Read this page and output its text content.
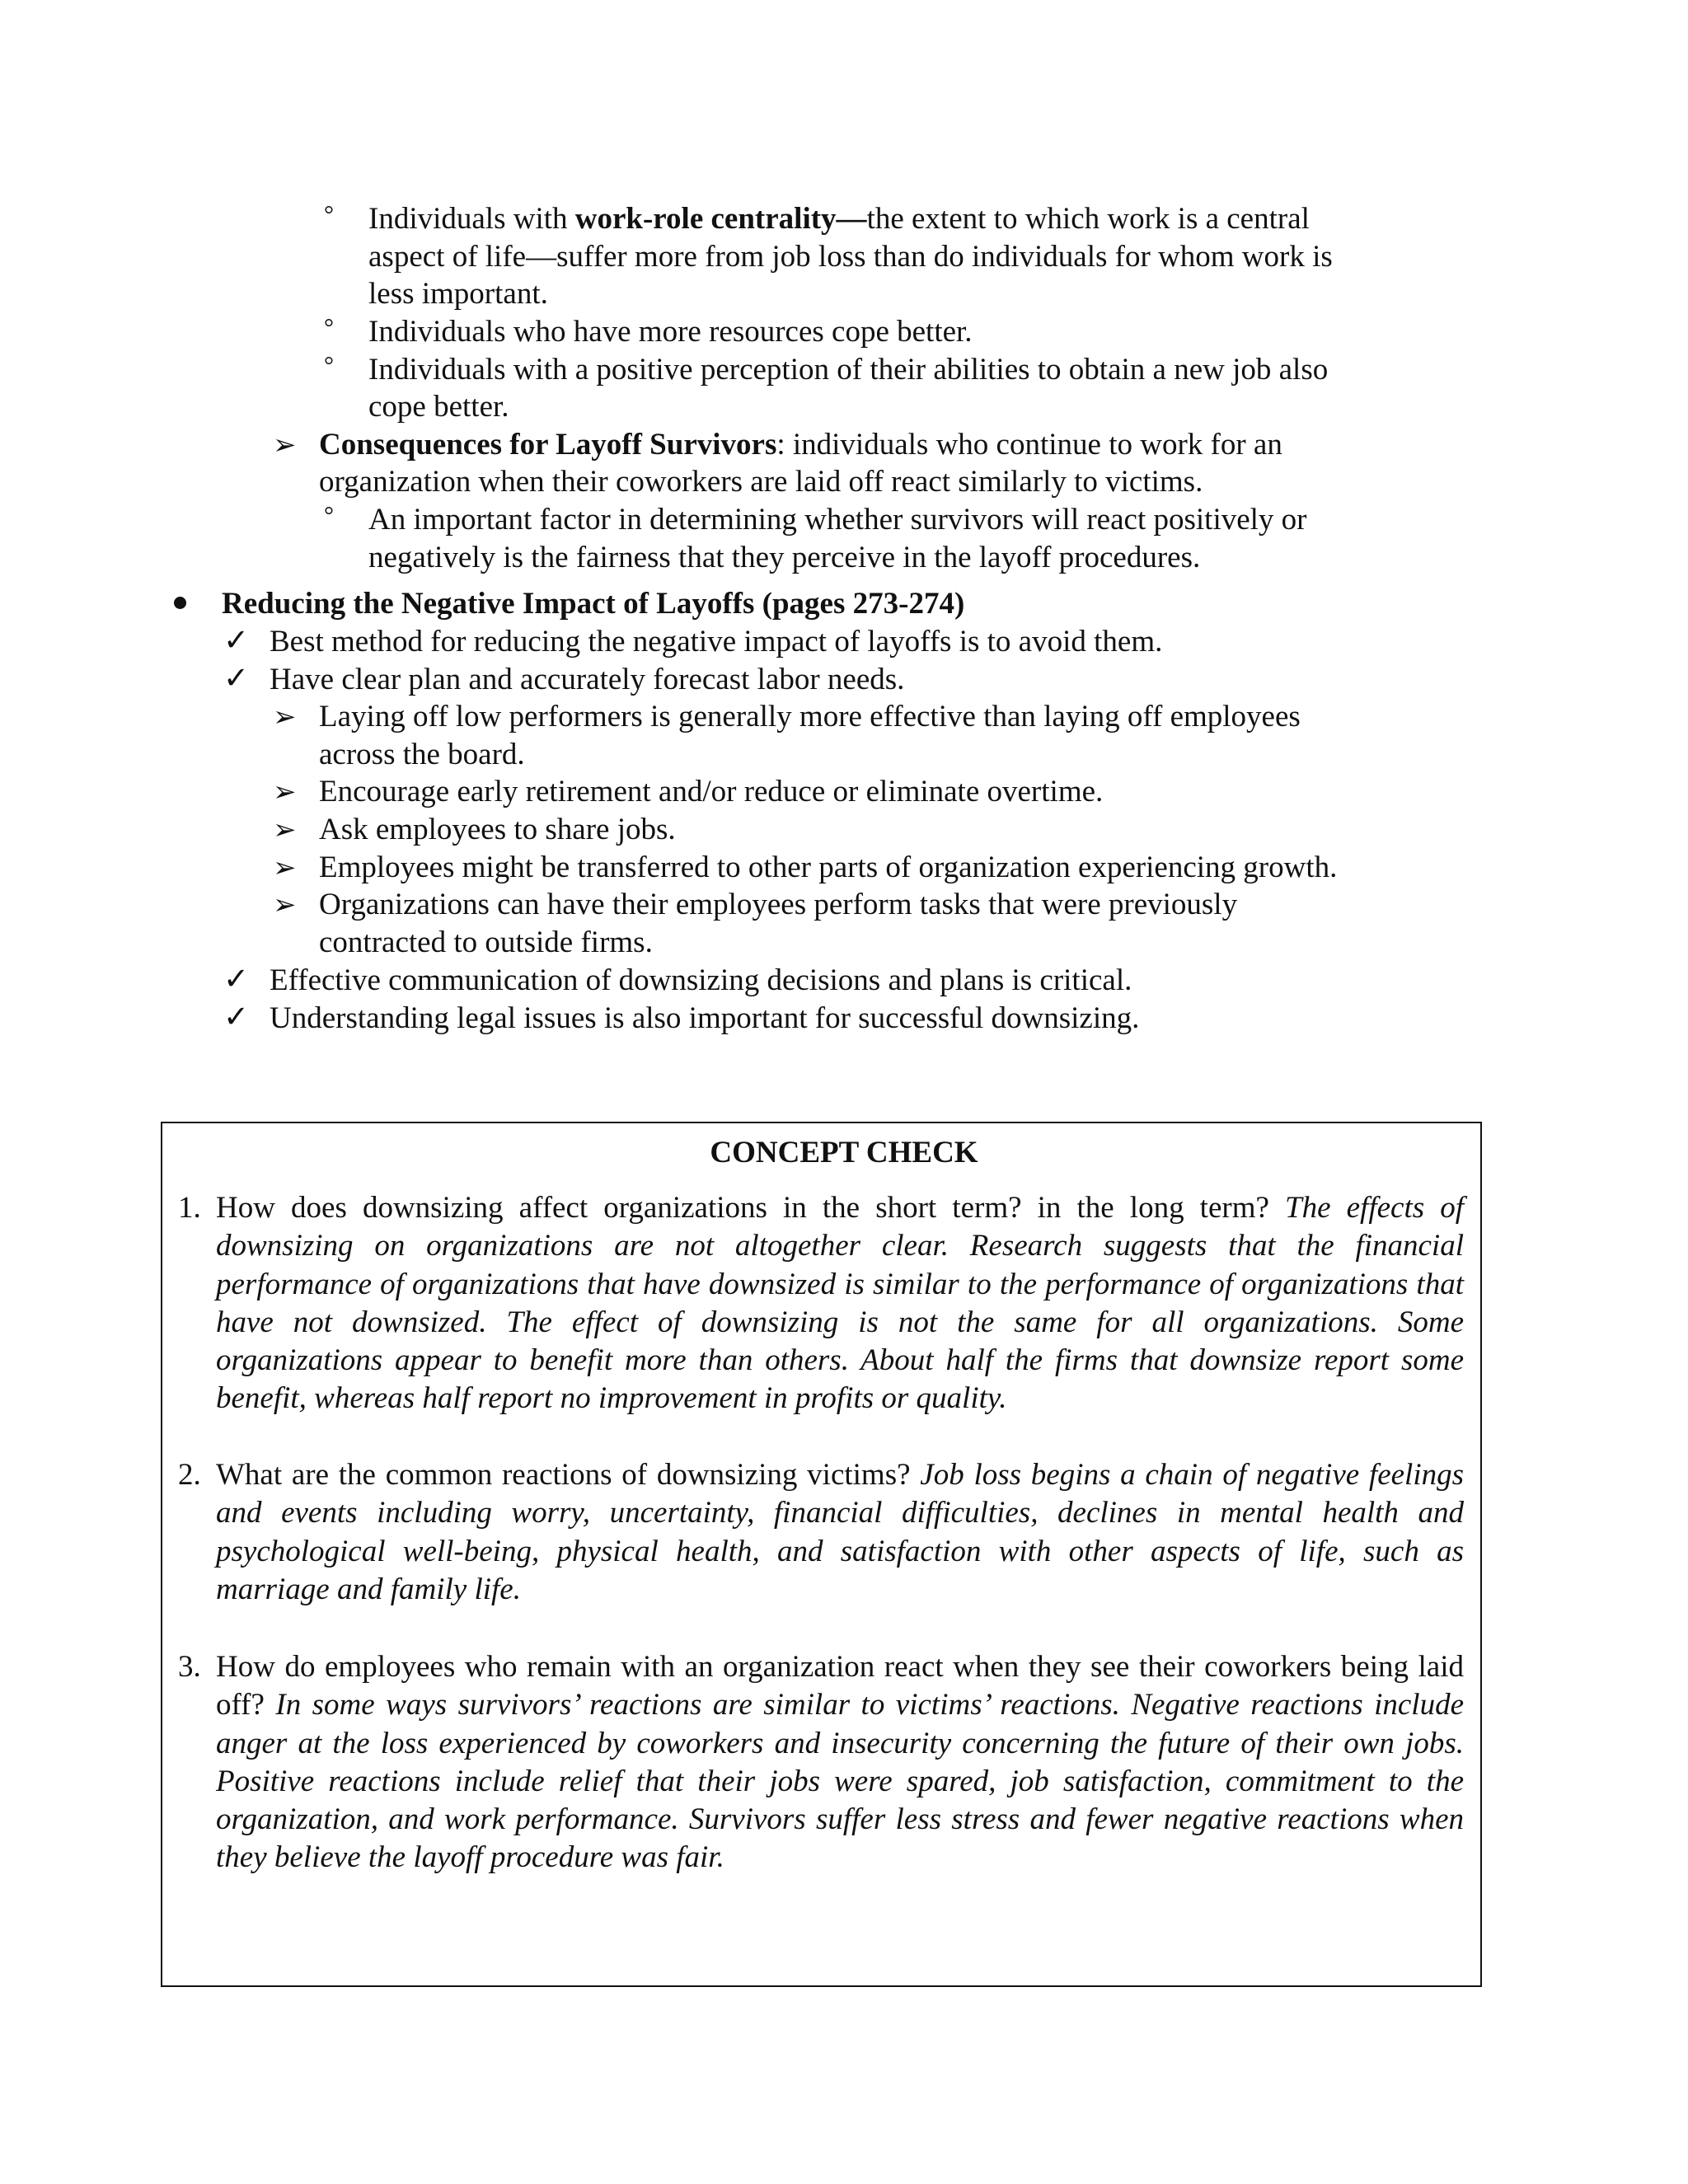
° Individuals with work-role centrality—the extent to which work is a central
aspect of life—suffer more from job loss than do individuals for whom work is
less important.
° Individuals who have more resources cope better.
° Individuals with a positive perception of their abilities to obtain a new job also
cope better.
➢ Consequences for Layoff Survivors: individuals who continue to work for an
organization when their coworkers are laid off react similarly to victims.
° An important factor in determining whether survivors will react positively or
negatively is the fairness that they perceive in the layoff procedures.
Reducing the Negative Impact of Layoffs (pages 273-274)
✓ Best method for reducing the negative impact of layoffs is to avoid them.
✓ Have clear plan and accurately forecast labor needs.
➢ Laying off low performers is generally more effective than laying off employees
across the board.
➢ Encourage early retirement and/or reduce or eliminate overtime.
➢ Ask employees to share jobs.
➢ Employees might be transferred to other parts of organization experiencing growth.
➢ Organizations can have their employees perform tasks that were previously
contracted to outside firms.
✓ Effective communication of downsizing decisions and plans is critical.
✓ Understanding legal issues is also important for successful downsizing.
CONCEPT CHECK
1. How does downsizing affect organizations in the short term? in the long term? The effects of downsizing on organizations are not altogether clear. Research suggests that the financial performance of organizations that have downsized is similar to the performance of organizations that have not downsized. The effect of downsizing is not the same for all organizations. Some organizations appear to benefit more than others. About half the firms that downsize report some benefit, whereas half report no improvement in profits or quality.
2. What are the common reactions of downsizing victims? Job loss begins a chain of negative feelings and events including worry, uncertainty, financial difficulties, declines in mental health and psychological well-being, physical health, and satisfaction with other aspects of life, such as marriage and family life.
3. How do employees who remain with an organization react when they see their coworkers being laid off? In some ways survivors’ reactions are similar to victims’ reactions. Negative reactions include anger at the loss experienced by coworkers and insecurity concerning the future of their own jobs. Positive reactions include relief that their jobs were spared, job satisfaction, commitment to the organization, and work performance. Survivors suffer less stress and fewer negative reactions when they believe the layoff procedure was fair.
